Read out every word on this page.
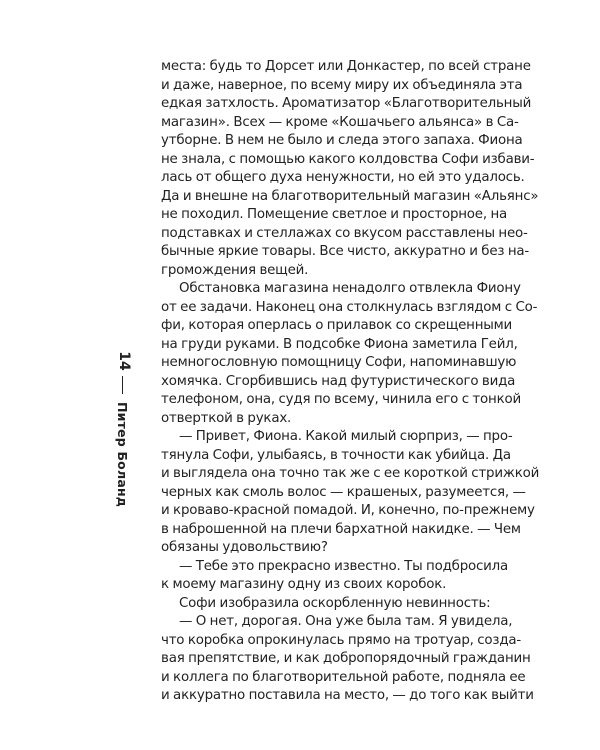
14
Питер Боланд
места: будь то Дорсет или Донкастер, по всей стране
и даже, наверное, по всему миру их объединяла эта
едкая затхлость. Ароматизатор «Благотворительный
магазин». Всех — кроме «Кошачьего альянса» в Са-
утборне. В нем не было и следа этого запаха. Фиона
не знала, с помощью какого колдовства Софи избави-
лась от общего духа ненужности, но ей это удалось.
Да и внешне на благотворительный магазин «Альянс»
не походил. Помещение светлое и просторное, на
подставках и стеллажах со вкусом расставлены нео-
бычные яркие товары. Все чисто, аккуратно и без на-
громождения вещей.
Обстановка магазина ненадолго отвлекла Фиону
от ее задачи. Наконец она столкнулась взглядом с Со-
фи, которая оперлась о прилавок со скрещенными
на груди руками. В подсобке Фиона заметила Гейл,
немногословную помощницу Софи, напоминавшую
хомячка. Сгорбившись над футуристического вида
телефоном, она, судя по всему, чинила его с тонкой
отверткой в руках.
— Привет, Фиона. Какой милый сюрприз, — про-
тянула Софи, улыбаясь, в точности как убийца. Да
и выглядела она точно так же с ее короткой стрижкой
черных как смоль волос — крашеных, разумеется, —
и кроваво-красной помадой. И, конечно, по-прежнему
в наброшенной на плечи бархатной накидке. — Чем
обязаны удовольствию?
— Тебе это прекрасно известно. Ты подбросила
к моему магазину одну из своих коробок.
Софи изобразила оскорбленную невинность:
— О нет, дорогая. Она уже была там. Я увидела,
что коробка опрокинулась прямо на тротуар, созда-
вая препятствие, и как добропорядочный гражданин
и коллега по благотворительной работе, подняла ее
и аккуратно поставила на место, — до того как выйти
